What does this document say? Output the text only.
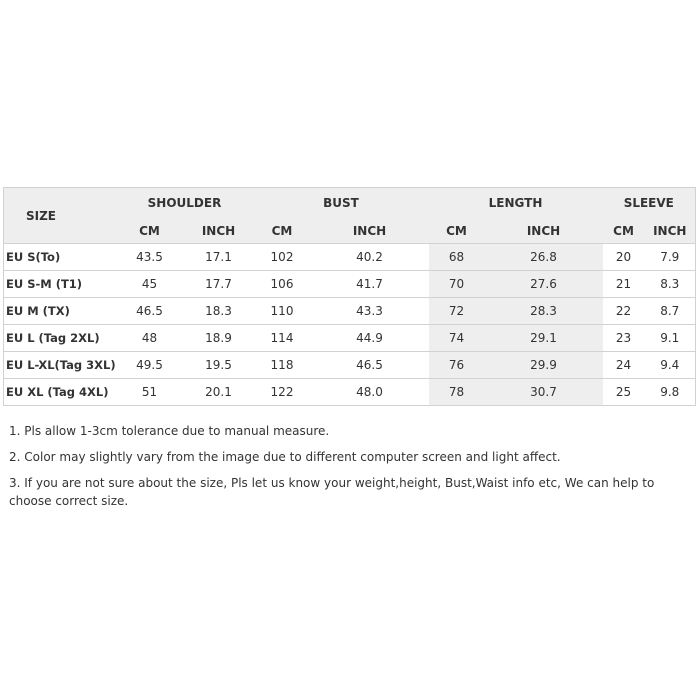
SIZE	SHOULDER		BUST		LENGTH		SLEEVE	
	CM	INCH	CM	INCH	CM	INCH	CM	INCH
EU S(To)	43.5	17.1	102	40.2	68	26.8	20	7.9
EU S-M (T1)	45	17.7	106	41.7	70	27.6	21	8.3
EU M (TX)	46.5	18.3	110	43.3	72	28.3	22	8.7
EU L (Tag 2XL)	48	18.9	114	44.9	74	29.1	23	9.1
EU L-XL(Tag 3XL)	49.5	19.5	118	46.5	76	29.9	24	9.4
EU XL (Tag 4XL)	51	20.1	122	48.0	78	30.7	25	9.8

1. Pls allow 1-3cm tolerance due to manual measure.

2. Color may slightly vary from the image due to different computer screen and light affect.

3. If you are not sure about the size, Pls let us know your weight,height, Bust,Waist info etc, We can help to choose correct size.
